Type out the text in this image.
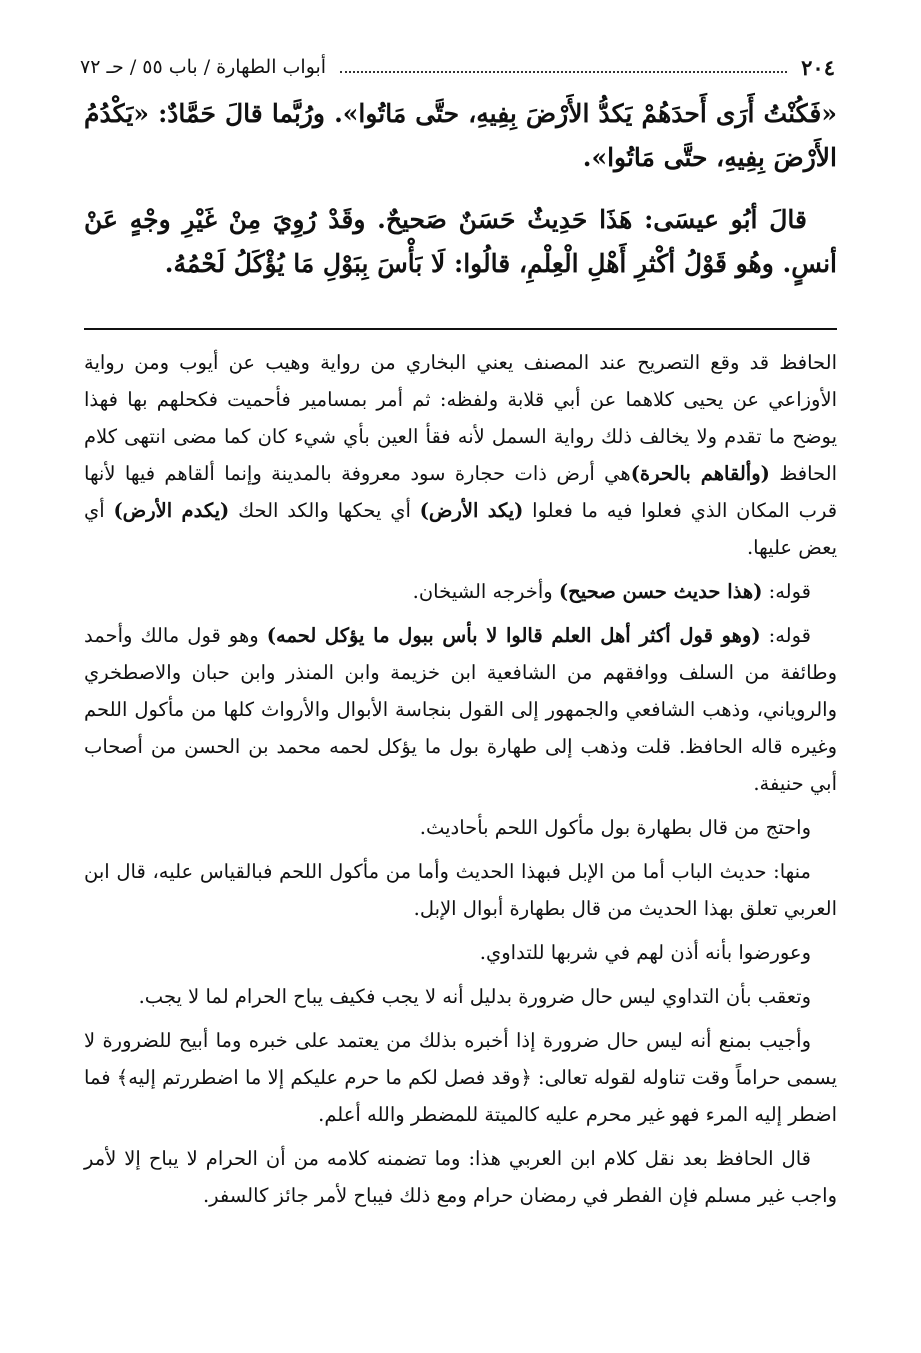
٢٠٤
أبواب الطهارة / باب ٥٥ / حـ ٧٢

«فَكُنْتُ أَرَى أَحدَهُمْ يَكدُّ الأَرْضَ بِفِيهِ، حتَّى مَاتُوا». ورُبَّما قالَ حَمَّادٌ: «يَكْدُمُ الأَرْضَ بِفِيهِ، حتَّى مَاتُوا».

قالَ أبُو عيسَى: هَذَا حَدِيثٌ حَسَنٌ صَحيحٌ. وقَدْ رُوِيَ مِنْ غَيْرِ وجْهٍ عَنْ أنسٍ. وهُو قَوْلُ أكْثرِ أَهْلِ الْعِلْمِ، قالُوا: لَا بَأْسَ بِبَوْلِ مَا يُؤْكَلُ لَحْمُهُ.

الحافظ قد وقع التصريح عند المصنف يعني البخاري من رواية وهيب عن أيوب ومن رواية الأوزاعي عن يحيى كلاهما عن أبي قلابة ولفظه: ثم أمر بمسامير فأحميت فكحلهم بها فهذا يوضح ما تقدم ولا يخالف ذلك رواية السمل لأنه فقأ العين بأي شيء كان كما مضى انتهى كلام الحافظ (وألقاهم بالحرة)هي أرض ذات حجارة سود معروفة بالمدينة وإنما ألقاهم فيها لأنها قرب المكان الذي فعلوا فيه ما فعلوا (يكد الأرض) أي يحكها والكد الحك (يكدم الأرض) أي يعض عليها.

قوله: (هذا حديث حسن صحيح) وأخرجه الشيخان.

قوله: (وهو قول أكثر أهل العلم قالوا لا بأس ببول ما يؤكل لحمه) وهو قول مالك وأحمد وطائفة من السلف ووافقهم من الشافعية ابن خزيمة وابن المنذر وابن حبان والاصطخري والروياني، وذهب الشافعي والجمهور إلى القول بنجاسة الأبوال والأرواث كلها من مأكول اللحم وغيره قاله الحافظ. قلت وذهب إلى طهارة بول ما يؤكل لحمه محمد بن الحسن من أصحاب أبي حنيفة.

واحتج من قال بطهارة بول مأكول اللحم بأحاديث.

منها: حديث الباب أما من الإبل فبهذا الحديث وأما من مأكول اللحم فبالقياس عليه، قال ابن العربي تعلق بهذا الحديث من قال بطهارة أبوال الإبل.

وعورضوا بأنه أذن لهم في شربها للتداوي.

وتعقب بأن التداوي ليس حال ضرورة بدليل أنه لا يجب فكيف يباح الحرام لما لا يجب.

وأجيب بمنع أنه ليس حال ضرورة إذا أخبره بذلك من يعتمد على خبره وما أبيح للضرورة لا يسمى حراماً وقت تناوله لقوله تعالى: ﴿وقد فصل لكم ما حرم عليكم إلا ما اضطررتم إليه﴾ فما اضطر إليه المرء فهو غير محرم عليه كالميتة للمضطر والله أعلم.

قال الحافظ بعد نقل كلام ابن العربي هذا: وما تضمنه كلامه من أن الحرام لا يباح إلا لأمر واجب غير مسلم فإن الفطر في رمضان حرام ومع ذلك فيباح لأمر جائز كالسفر.
